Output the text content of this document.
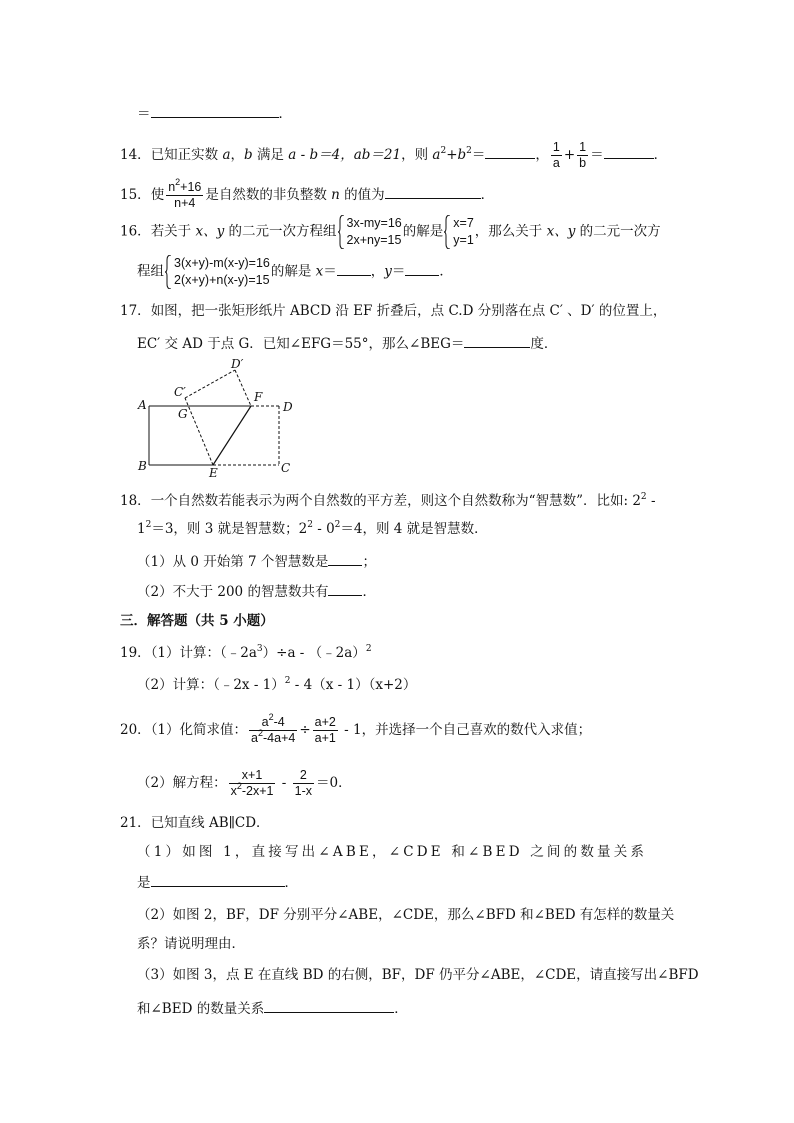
＝	．
14．已知正实数 a，b 满足 a - b＝4，ab＝21，则 $a^2+b^2=$	， $\frac{1}{a} + \frac{1}{b}$ ＝	．
15．使 $\frac{n^2+16}{n+4}$ 是自然数的非负整数 n 的值为	．
16．若关于 x、y 的二元一次方程组
3x-my=16
2x+ny=15
的解是
x=7
y=1
，那么关于 x、y 的二元一次方
程组
3(x+y)-m(x-y)=16
2(x+y)+n(x-y)=15
的解是 x＝	，y＝	．
17．如图，把一张矩形纸片 ABCD 沿 EF 折叠后，点 C.D 分别落在点 C′ 、D′ 的位置上，
EC′ 交 AD 于点 G．已知∠EFG＝55°，那么∠BEG＝	度．
A
B	C
D
E
F
G
C′
D′
18．一个自然数若能表示为两个自然数的平方差，则这个自然数称为“智慧数”．比如: $2^2$ -
$1^2=3$，则 3 就是智慧数；$2^2 - 0^2=4$，则 4 就是智慧数．
（1）从 0 开始第 7 个智慧数是	；
（2）不大于 200 的智慧数共有	．
三．解答题（共 5 小题）
19．（1）计算：$(﹣2a^3)\div a$ - （﹣2a）$^2$
（2）计算：（﹣2x - 1）$^2$ - 4（x - 1）（x+2）
20．（1）化简求值： $\frac{a^2-4}{a^2-4a+4} \div \frac{a+2}{a+1} - 1$，并选择一个自己喜欢的数代入求值；
（2）解方程： $\frac{x+1}{x^2-2x+1} - \frac{2}{1-x} =0$．
21．已知直线 AB∥CD．
（1）如图 1，直接写出∠ABE，∠CDE 和∠BED 之间的数量关系
是	．
（2）如图 2，BF，DF 分别平分∠ABE，∠CDE，那么∠BFD 和∠BED 有怎样的数量关
系？请说明理由．
（3）如图 3，点 E 在直线 BD 的右侧，BF，DF 仍平分∠ABE，∠CDE，请直接写出∠BFD
和∠BED 的数量关系	．
